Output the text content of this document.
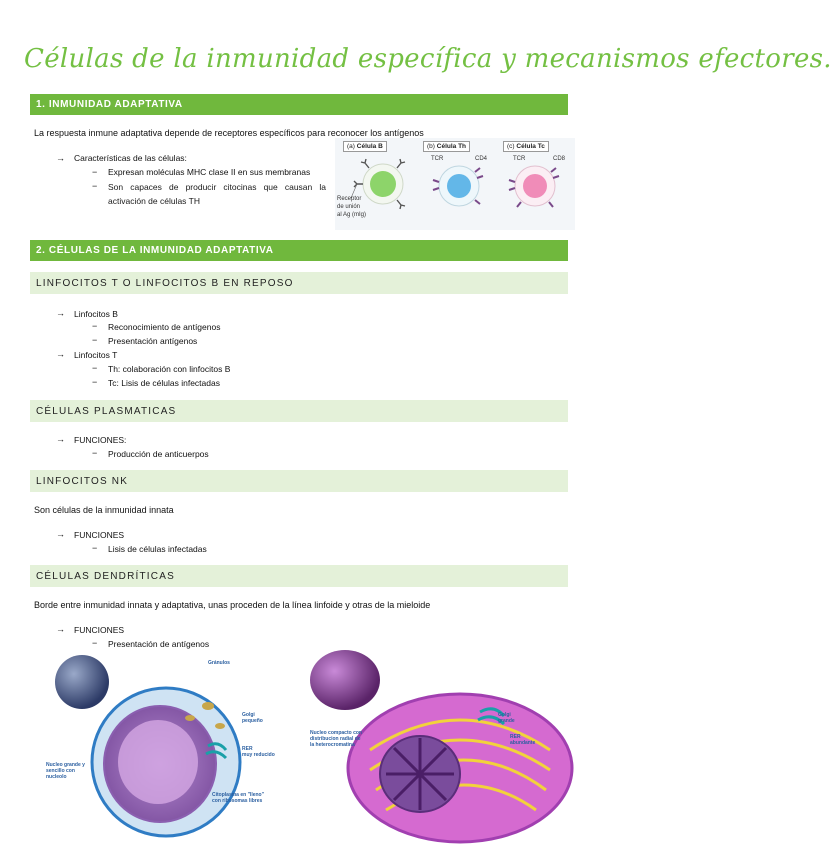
Células de la inmunidad específica y mecanismos efectores.
1. INMUNIDAD ADAPTATIVA
La respuesta inmune adaptativa depende de receptores específicos para reconocer los antígenos
→ Características de las células:
− Expresan moléculas MHC clase II en sus membranas
− Son capaces de producir citocinas que causan la activación de células TH
(a) Célula B	(b) Célula Th	(c) Célula Tc
Receptor
de unión
al Ag (mIg)
TCR	CD4	TCR	CD8
2. CÉLULAS DE LA INMUNIDAD ADAPTATIVA
LINFOCITOS T O LINFOCITOS B EN REPOSO
→ Linfocitos B
− Reconocimiento de antígenos
− Presentación antígenos
→ Linfocitos T
− Th: colaboración con linfocitos B
− Tc: Lisis de células infectadas
CÉLULAS PLASMATICAS
→ FUNCIONES:
− Producción de anticuerpos
LINFOCITOS NK
Son células de la inmunidad innata
→ FUNCIONES
− Lisis de células infectadas
CÉLULAS DENDRÍTICAS
Borde entre inmunidad innata y adaptativa, unas proceden de la línea linfoide y otras de la mieloide
→ FUNCIONES
− Presentación de antígenos
Gránulos
Golgi
pequeño
RER
muy reducido
Nucleo grande y
sencillo con
nucleolo
Citoplasma en "lleno"
con ribosomas libres
Golgi
grande
RER
abundante
Nucleo compacto con
distribucion radial de
la heterocromatina
